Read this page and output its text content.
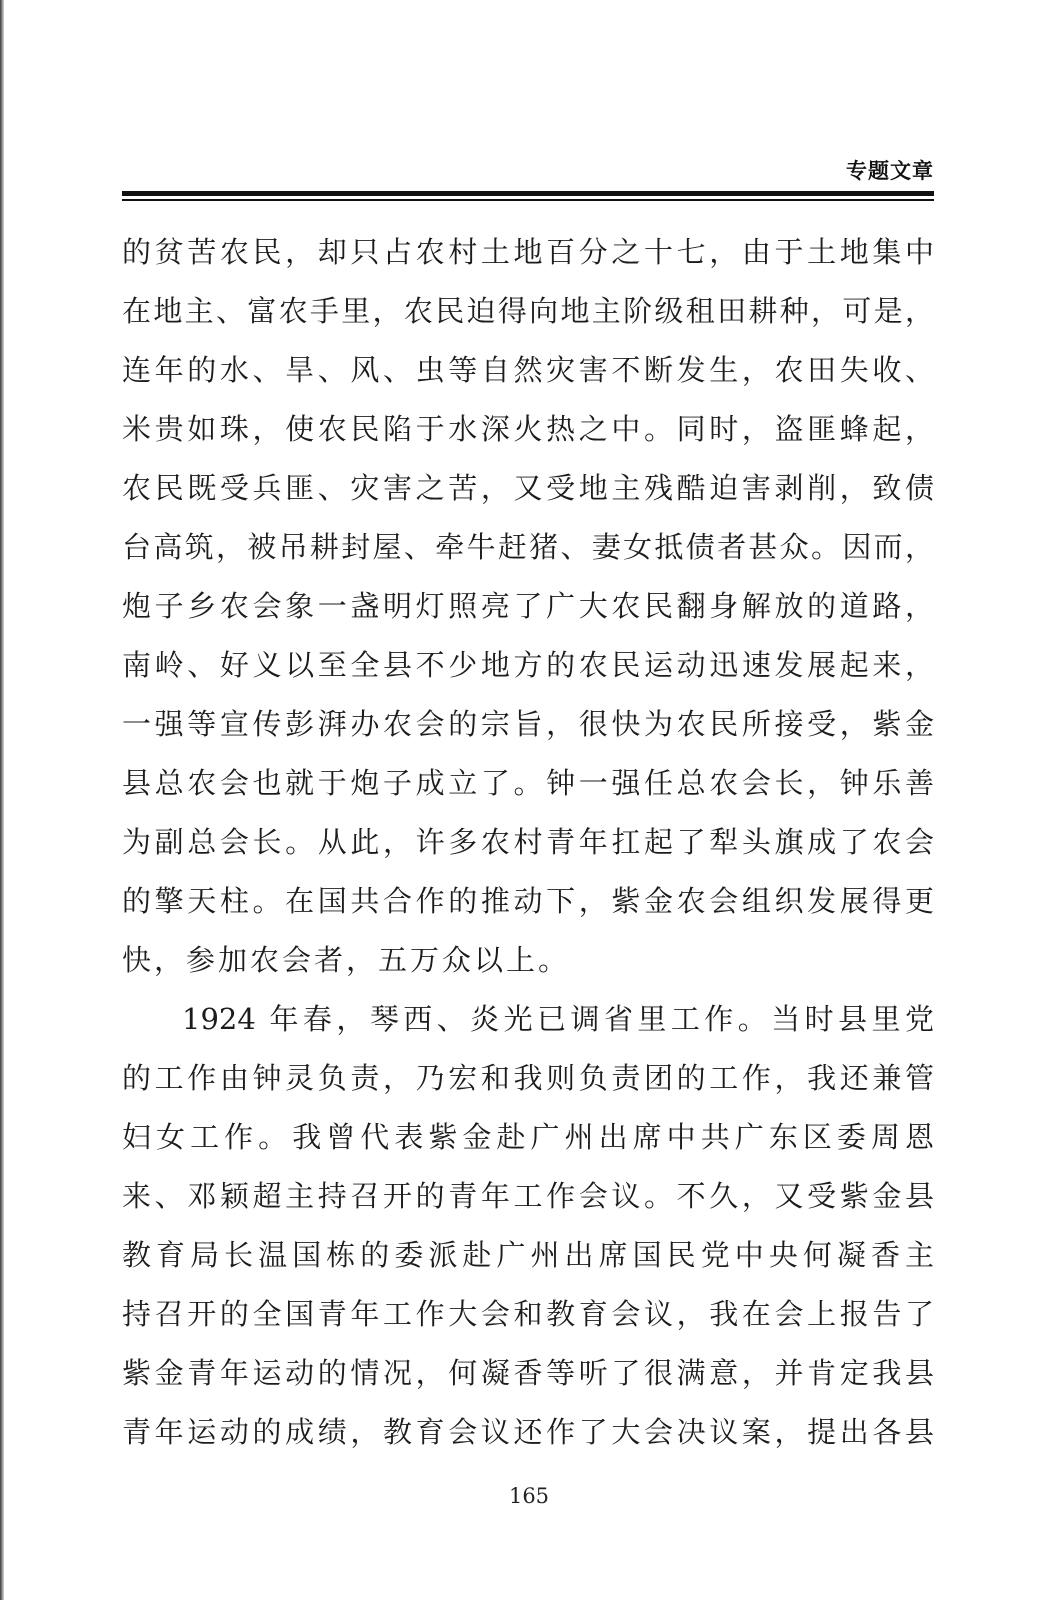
专题文章
的贫苦农民，却只占农村土地百分之十七，由于土地集中
在地主、富农手里，农民迫得向地主阶级租田耕种，可是，
连年的水、旱、风、虫等自然灾害不断发生，农田失收、
米贵如珠，使农民陷于水深火热之中。同时，盗匪蜂起，
农民既受兵匪、灾害之苦，又受地主残酷迫害剥削，致债
台高筑，被吊耕封屋、牵牛赶猪、妻女抵债者甚众。因而，
炮子乡农会象一盏明灯照亮了广大农民翻身解放的道路，
南岭、好义以至全县不少地方的农民运动迅速发展起来，
一强等宣传彭湃办农会的宗旨，很快为农民所接受，紫金
县总农会也就于炮子成立了。钟一强任总农会长，钟乐善
为副总会长。从此，许多农村青年扛起了犁头旗成了农会
的擎天柱。在国共合作的推动下，紫金农会组织发展得更
快，参加农会者，五万众以上。
1924 年春，琴西、炎光已调省里工作。当时县里党
的工作由钟灵负责，乃宏和我则负责团的工作，我还兼管
妇女工作。我曾代表紫金赴广州出席中共广东区委周恩
来、邓颖超主持召开的青年工作会议。不久，又受紫金县
教育局长温国栋的委派赴广州出席国民党中央何凝香主
持召开的全国青年工作大会和教育会议，我在会上报告了
紫金青年运动的情况，何凝香等听了很满意，并肯定我县
青年运动的成绩，教育会议还作了大会决议案，提出各县
165
